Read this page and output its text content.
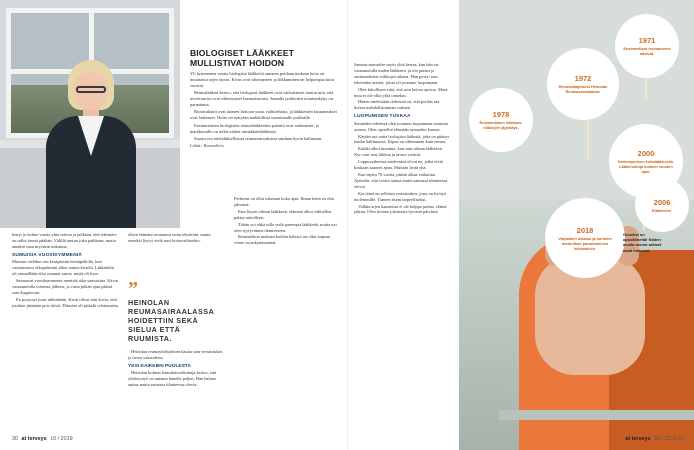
BIOLOGISET LÄÄKKEET MULLISTIVAT HOIDON

Yli kymmenen vuotta biologisia lääkkeitä saaneen potilaan mukaan hoito on muuttanut arjen täysin. Kivut ovat vähentyneet ja liikkuminen on helpompaa kuin vuosiin.

Reumalääkäri kertoo, että biologiset lääkkeet ovat vaikuttaneet tautiin niin, että nivelvauriot ovat vähentyneet huomattavasti. Samalla potilaiden toimintakyky on parantunut.

Biosimilaarit ovat tuoneet hoitoon uusia vaihtoehtoja, ja lääkkeiden kustannukset ovat laskeneet. Hoito on nykyään mahdollista useammalle potilaalle.

Ensimmäisten biologisten reumalääkkeiden patentit ovat raukeaneet, ja markkinoille on tullut niiden rinnakkaislääkkeitä.

Suurin osa tulehduksellisista reumasairauksista saadaan hyvin hallintaan.

Lähde: Reumaliitto

kenyt jo kolme vuotta yhtä soittoa ja pelkään, että tekemävi on tullut tiensä päähän. Välillä tuntuu joka paikkaan, mutta ainakin saan myöskin nukuttua.

SUMUISIA VUOSIKYMMENIÄ

Muistan vieläkin sen kesäpäivän heinäpellolla, kun vasemmassa olkapäässäni alkoi tuntua kivulta. Lääkärikin oli ymmällään eikä osannut sanoa, mistä oli kyse.

Seuraavat vuosikymmenet menivät aika sumuisina. Kävin vastaanotolla toisensa jälkeen, ja vasta pitkän ajan päästä sain diagnoosin.

En pystynyt juuri mihinkään. Kivut olivat niin kovia, että jouduin jäämään pois töistä. Elämäni oli pitkälti odottamista.

olisin elämäni seurannut omin tehtäväni, mutta onneksi löytyi vielä uusi hoitovaihtoehto.

”
HEINOLAN REUMASAIRAALASSA HOIDETTIIN SEKÄ SIELUA ETTÄ RUUMISTA.

Heinolan reumayhdistyksen kautta sain vertaistukea ja tietoa sairaudesta.

YKSI KAIKKIEN PUOLESTA

Heinolan kolmas kansalaisvaikuttaja kertoo, että yhdistystyö on antanut hänelle paljon. Hän haluaa auttaa muita samassa tilanteessa olevia.

Perheeni on ollut tukenani koko ajan. Ilman heitä en olisi jaksanut.

Kun löysin oikean lääkkeen, elämäni alkoi vähitellen palata raiteilleen.

Tähän voi ehkä tulla vielä parempia lääkkeitä, mutta nyt olen tyytyväinen tilanteeseen.

Reumaliiton mukaan hoidon kehitys on ollut nopeaa viime vuosikymmeninä.

30 at terveys 10 / 2019

Samoin muistelee myös yhtä kertaa, kun hän sai vastaanotolla uuden lääkkeen, ja olo parani jo ensimmäisten viikkojen aikana. Hän pystyi taas tekemään asioita, joista oli joutunut luopumaan.

Olen kiitollinen siitä, että sain hoitoa ajoissa. Moni muu ei ole ollut yhtä onnekas.

Hänen mielestään tärkeintä on, että potilas saa hoitoa mahdollisimman varhain.

LUOPUMISEN TUSKAA

Sairauden edetessä olen joutunut luopumaan monesta asiasta. Olen opetellut elämään sairauden kanssa.

Käytän nyt uutta biologista lääkettä, joka on pitänyt taudin hallinnassa. Kipua on vähemmän kuin ennen.

Kaikki alkoi muuttua, kun sain oikean lääkkeen. Nyt voin taas liikkua ja tavata ystäviä.

Loppuvaiheessa mielessäni olivat ne, jotka eivät koskaan saaneet apua. Muistan heitä yhä.

Kun täytin 70 vuotta, päätin alkaa vaikuttaa. Ajattelin, että voisin auttaa muita samassa tilanteessa olevia.

Kai tämä on sellaista vertaistukea, josta on hyötyä molemmille. Tunnen itseni tarpeelliseksi.

Valkka arjen haasteista ei ole helppo puhua, elämä jatkuu. Olen iloinen jokaisesta hyvästä päivästä.

1971
Ensimmäiset reumaoireet alkavat.
1972
Reumadiagnoosi Heinolan Reumasairaalassa.
1978
Ensimmäinen leikkaus: nilkkojen jäykistys.
2000
Herkistyminen kultalääkkeelle. Lääkehoitoja kolmen vuoden ajan.
2006
Eläkkeelle.
2018
Varpaiden oikaisu ja sormien motoriikan parantaminen leikkauksin.
Onneksi on apuvälineitä! Niiden avulla monet arkiset asiat hoituvat.
at terveys 10 / 2019 31
